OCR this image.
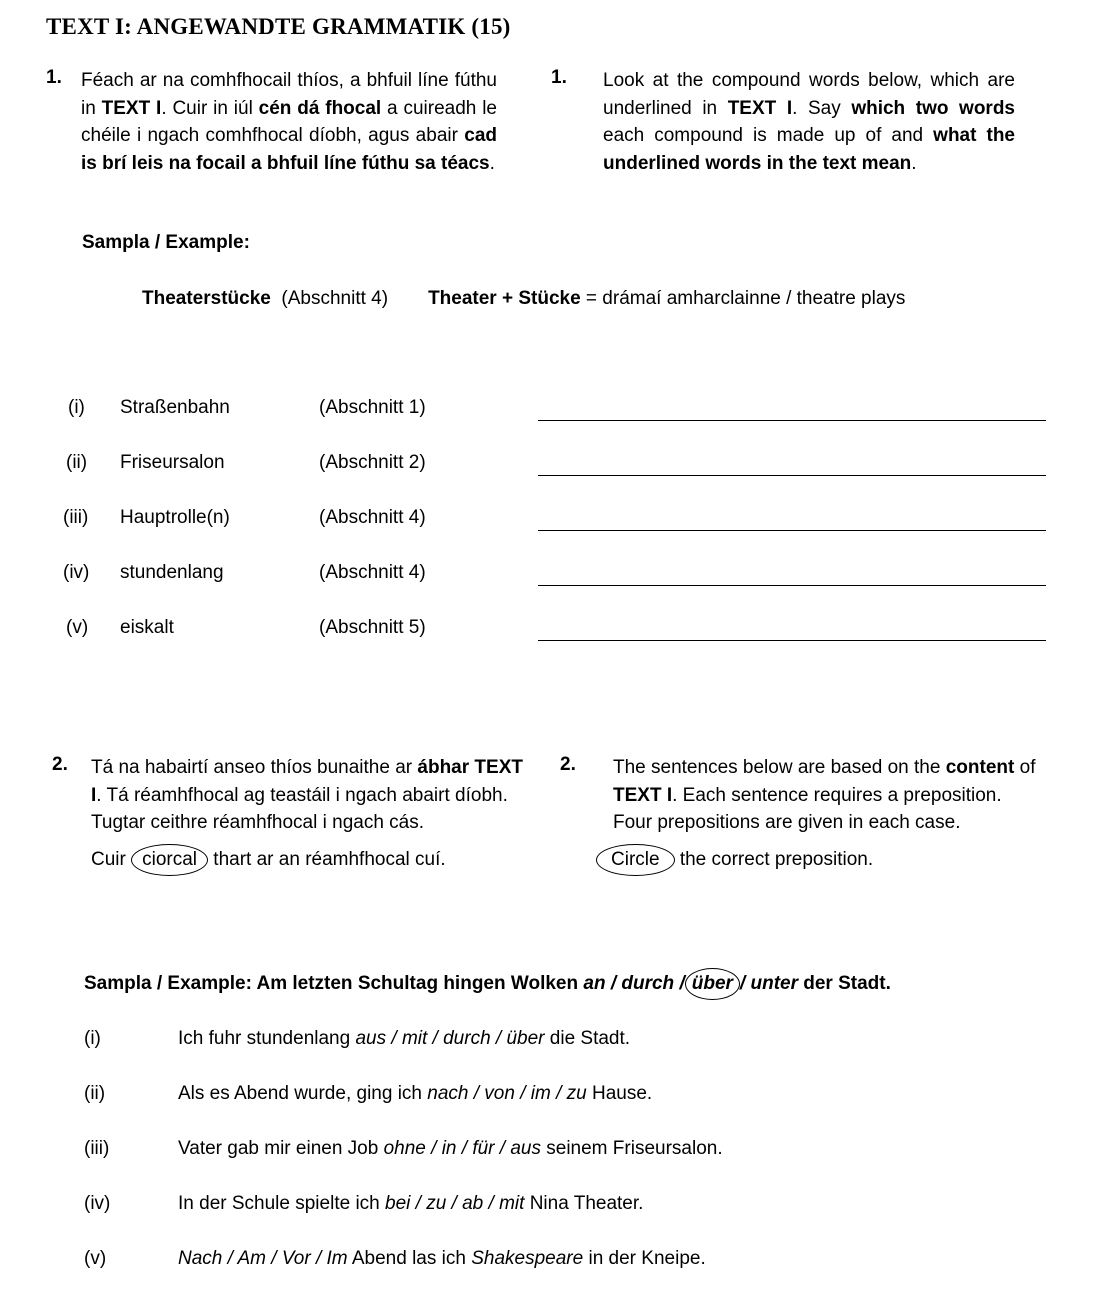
TEXT I: ANGEWANDTE GRAMMATIK (15)
1. Féach ar na comhfhocail thíos, a bhfuil líne fúthu in TEXT I. Cuir in iúl cén dá fhocal a cuireadh le chéile i ngach comhfhocal díobh, agus abair cad is brí leis na focail a bhfuil líne fúthu sa téacs.
1. Look at the compound words below, which are underlined in TEXT I. Say which two words each compound is made up of and what the underlined words in the text mean.
Sampla / Example:
Theaterstücke (Abschnitt 4) Theater + Stücke = drámaí amharclainne / theatre plays
(i) Straßenbahn	(Abschnitt 1)
(ii) Friseursalon	(Abschnitt 2)
(iii) Hauptrolle(n)	(Abschnitt 4)
(iv) stundenlang	(Abschnitt 4)
(v) eiskalt	(Abschnitt 5)
2. Tá na habairtí anseo thíos bunaithe ar ábhar TEXT I. Tá réamhfhocal ag teastáil i ngach abairt díobh. Tugtar ceithre réamhfhocal i ngach cás.
Cuir ciorcal thart ar an réamhfhocal cuí.
2. The sentences below are based on the content of TEXT I. Each sentence requires a preposition. Four prepositions are given in each case.
Circle the correct preposition.
Sampla / Example: Am letzten Schultag hingen Wolken an / durch / über / unter der Stadt.
(i)	Ich fuhr stundenlang aus / mit / durch / über die Stadt.
(ii)	Als es Abend wurde, ging ich nach / von / im / zu Hause.
(iii)	Vater gab mir einen Job ohne / in / für / aus seinem Friseursalon.
(iv)	In der Schule spielte ich bei / zu / ab / mit Nina Theater.
(v)	Nach / Am / Vor / Im Abend las ich Shakespeare in der Kneipe.
